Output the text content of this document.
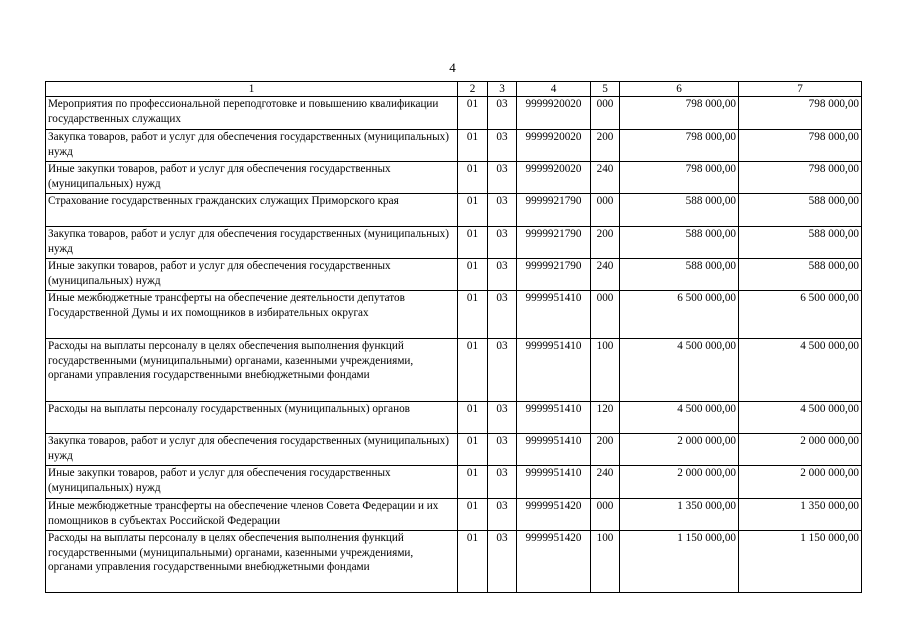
4
1	2	3	4	5	6	7
Мероприятия по профессиональной переподготовке и повышению квалификации государственных служащих	01	03	9999920020	000	798 000,00	798 000,00
Закупка товаров, работ и услуг для обеспечения государственных (муниципальных) нужд	01	03	9999920020	200	798 000,00	798 000,00
Иные закупки товаров, работ и услуг для обеспечения государственных (муниципальных) нужд	01	03	9999920020	240	798 000,00	798 000,00
Страхование государственных гражданских служащих Приморского края	01	03	9999921790	000	588 000,00	588 000,00
Закупка товаров, работ и услуг для обеспечения государственных (муниципальных) нужд	01	03	9999921790	200	588 000,00	588 000,00
Иные закупки товаров, работ и услуг для обеспечения государственных (муниципальных) нужд	01	03	9999921790	240	588 000,00	588 000,00
Иные межбюджетные трансферты на обеспечение деятельности депутатов Государственной Думы и их помощников в избирательных округах	01	03	9999951410	000	6 500 000,00	6 500 000,00
Расходы на выплаты персоналу в целях обеспечения выполнения функций государственными (муниципальными) органами, казенными учреждениями, органами управления государственными внебюджетными фондами	01	03	9999951410	100	4 500 000,00	4 500 000,00
Расходы на выплаты персоналу государственных (муниципальных) органов	01	03	9999951410	120	4 500 000,00	4 500 000,00
Закупка товаров, работ и услуг для обеспечения государственных (муниципальных) нужд	01	03	9999951410	200	2 000 000,00	2 000 000,00
Иные закупки товаров, работ и услуг для обеспечения государственных (муниципальных) нужд	01	03	9999951410	240	2 000 000,00	2 000 000,00
Иные межбюджетные трансферты на обеспечение членов Совета Федерации и их помощников в субъектах Российской Федерации	01	03	9999951420	000	1 350 000,00	1 350 000,00
Расходы на выплаты персоналу в целях обеспечения выполнения функций государственными (муниципальными) органами, казенными учреждениями, органами управления государственными внебюджетными фондами	01	03	9999951420	100	1 150 000,00	1 150 000,00
